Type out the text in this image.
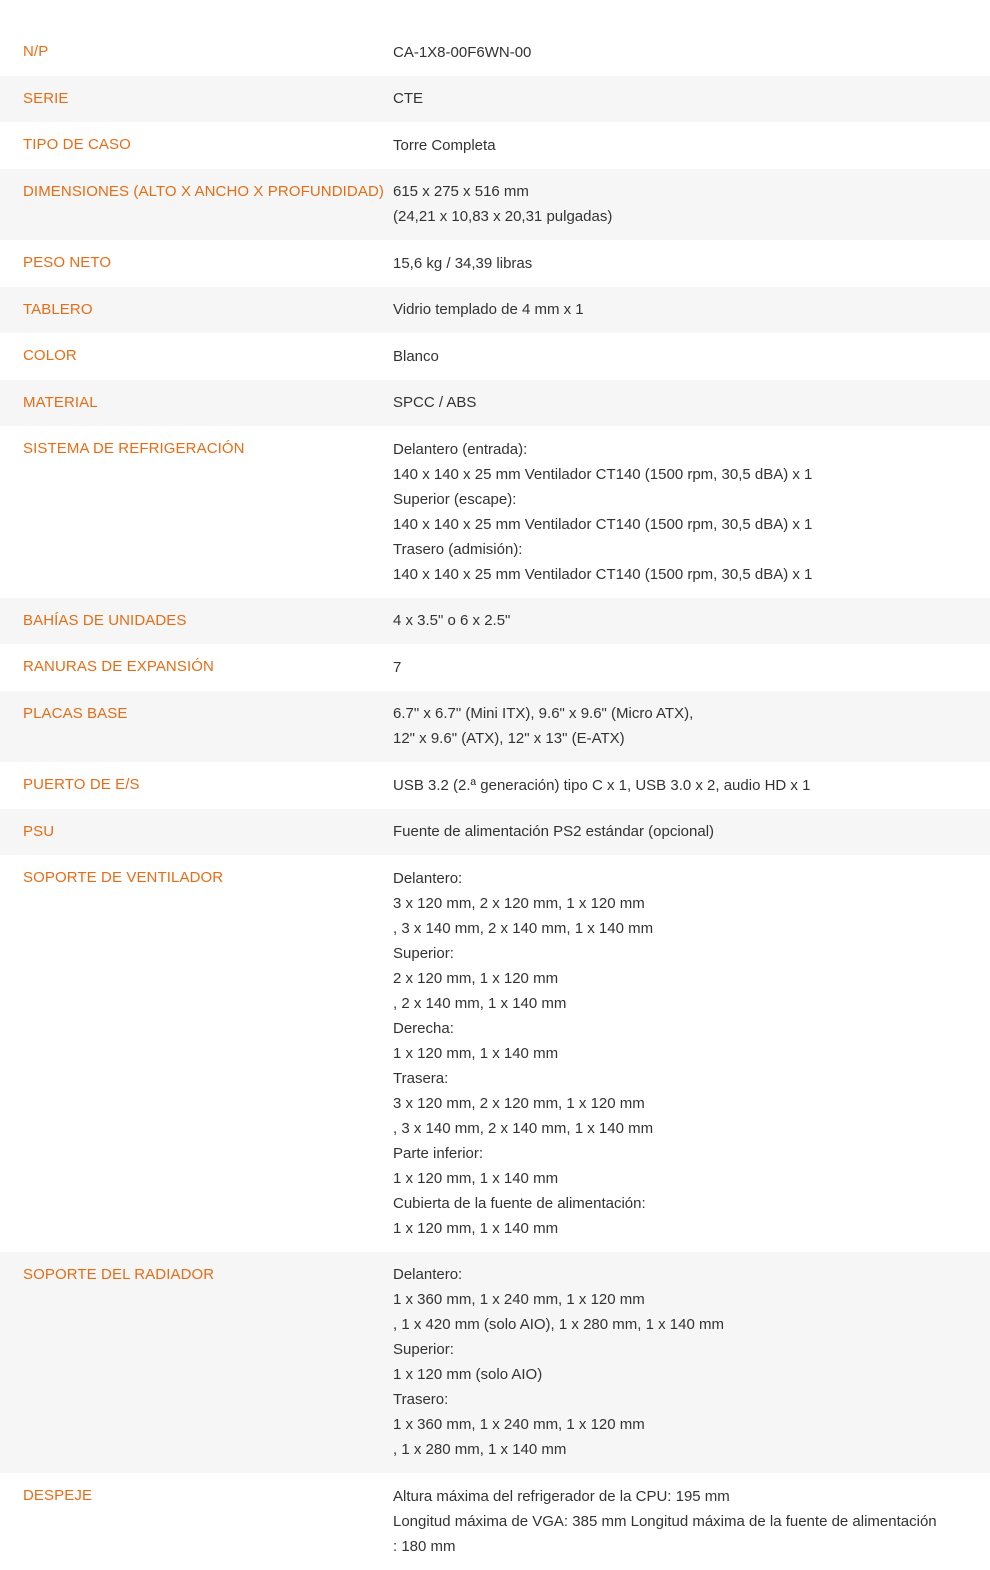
N/P	CA-1X8-00F6WN-00
SERIE	CTE
TIPO DE CASO	Torre Completa
DIMENSIONES (ALTO X ANCHO X PROFUNDIDAD) 615 x 275 x 516 mm
(24,21 x 10,83 x 20,31 pulgadas)
PESO NETO	15,6 kg / 34,39 libras
TABLERO	Vidrio templado de 4 mm x 1
COLOR	Blanco
MATERIAL	SPCC / ABS
SISTEMA DE REFRIGERACIÓN	Delantero (entrada):
140 x 140 x 25 mm Ventilador CT140 (1500 rpm, 30,5 dBA) x 1
Superior (escape):
140 x 140 x 25 mm Ventilador CT140 (1500 rpm, 30,5 dBA) x 1
Trasero (admisión):
140 x 140 x 25 mm Ventilador CT140 (1500 rpm, 30,5 dBA) x 1
BAHÍAS DE UNIDADES	4 x 3.5" o 6 x 2.5"
RANURAS DE EXPANSIÓN	7
PLACAS BASE	6.7" x 6.7" (Mini ITX), 9.6" x 9.6" (Micro ATX),
12" x 9.6" (ATX), 12" x 13" (E-ATX)
PUERTO DE E/S	USB 3.2 (2.ª generación) tipo C x 1, USB 3.0 x 2, audio HD x 1
PSU	Fuente de alimentación PS2 estándar (opcional)
SOPORTE DE VENTILADOR	Delantero:
3 x 120 mm, 2 x 120 mm, 1 x 120 mm
, 3 x 140 mm, 2 x 140 mm, 1 x 140 mm
Superior:
2 x 120 mm, 1 x 120 mm
, 2 x 140 mm, 1 x 140 mm
Derecha:
1 x 120 mm, 1 x 140 mm
Trasera:
3 x 120 mm, 2 x 120 mm, 1 x 120 mm
, 3 x 140 mm, 2 x 140 mm, 1 x 140 mm
Parte inferior:
1 x 120 mm, 1 x 140 mm
Cubierta de la fuente de alimentación:
1 x 120 mm, 1 x 140 mm
SOPORTE DEL RADIADOR	Delantero:
1 x 360 mm, 1 x 240 mm, 1 x 120 mm
, 1 x 420 mm (solo AIO), 1 x 280 mm, 1 x 140 mm
Superior:
1 x 120 mm (solo AIO)
Trasero:
1 x 360 mm, 1 x 240 mm, 1 x 120 mm
, 1 x 280 mm, 1 x 140 mm
DESPEJE	Altura máxima del refrigerador de la CPU: 195 mm
Longitud máxima de VGA: 385 mm Longitud máxima de la fuente de alimentación
: 180 mm
